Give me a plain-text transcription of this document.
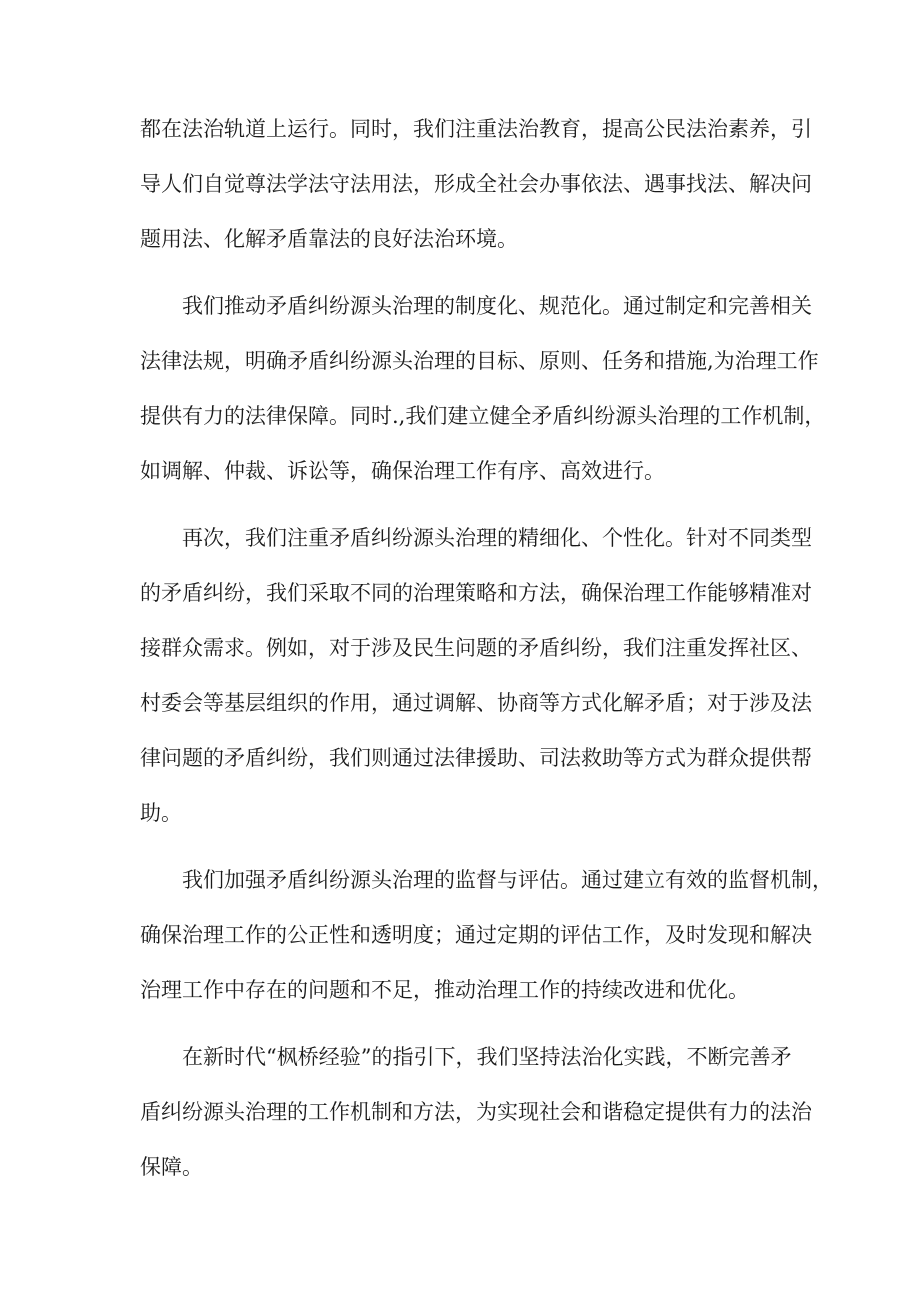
都在法治轨道上运行。同时，我们注重法治教育，提高公民法治素养，引
导人们自觉尊法学法守法用法，形成全社会办事依法、遇事找法、解决问
题用法、化解矛盾靠法的良好法治环境。
我们推动矛盾纠纷源头治理的制度化、规范化。通过制定和完善相关
法律法规，明确矛盾纠纷源头治理的目标、原则、任务和措施,为治理工作
提供有力的法律保障。同时.,我们建立健全矛盾纠纷源头治理的工作机制，
如调解、仲裁、诉讼等，确保治理工作有序、高效进行。
再次，我们注重矛盾纠纷源头治理的精细化、个性化。针对不同类型
的矛盾纠纷，我们采取不同的治理策略和方法，确保治理工作能够精准对
接群众需求。例如，对于涉及民生问题的矛盾纠纷，我们注重发挥社区、
村委会等基层组织的作用，通过调解、协商等方式化解矛盾；对于涉及法
律问题的矛盾纠纷，我们则通过法律援助、司法救助等方式为群众提供帮
助。
我们加强矛盾纠纷源头治理的监督与评估。通过建立有效的监督机制，
确保治理工作的公正性和透明度；通过定期的评估工作，及时发现和解决
治理工作中存在的问题和不足，推动治理工作的持续改进和优化。
在新时代“枫桥经验”的指引下，我们坚持法治化实践，不断完善矛
盾纠纷源头治理的工作机制和方法，为实现社会和谐稳定提供有力的法治
保障。
